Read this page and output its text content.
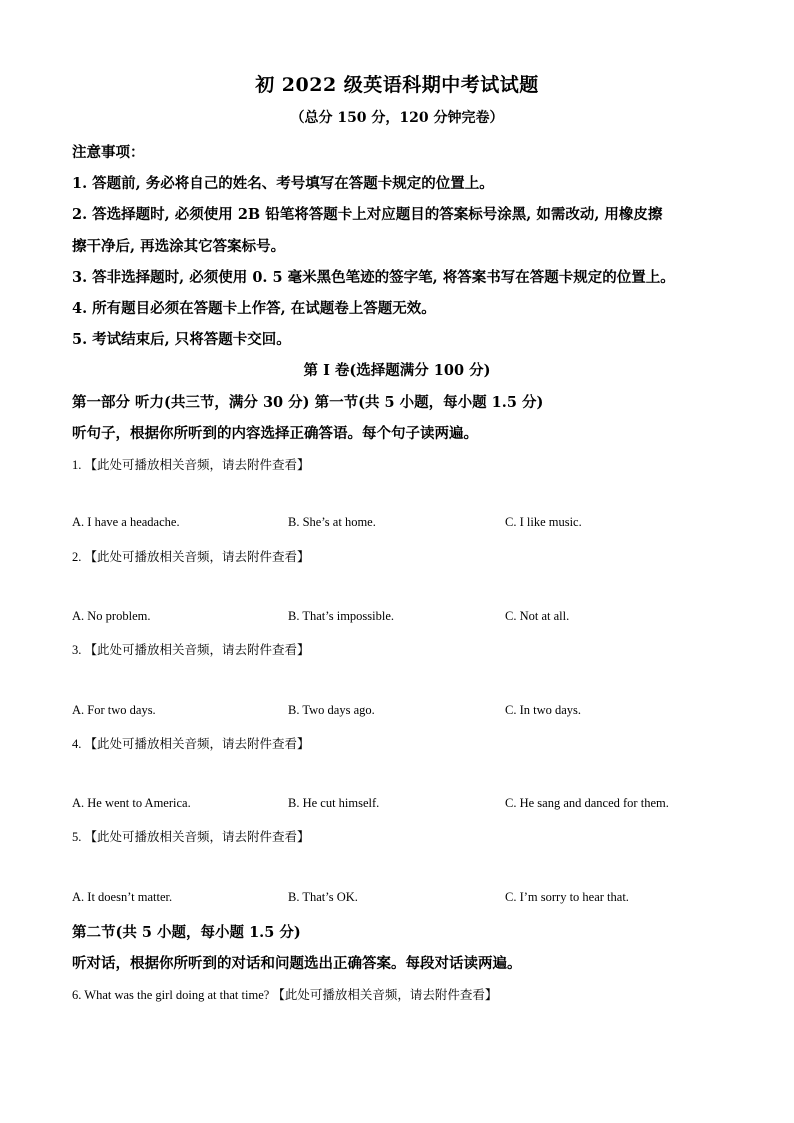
初 2022 级英语科期中考试试题
（总分 150 分，120 分钟完卷）
注意事项：
1. 答题前, 务必将自己的姓名、考号填写在答题卡规定的位置上。
2. 答选择题时, 必须使用 2B 铅笔将答题卡上对应题目的答案标号涂黑, 如需改动, 用橡皮擦
擦干净后, 再选涂其它答案标号。
3. 答非选择题时, 必须使用 0. 5 毫米黑色笔迹的签字笔, 将答案书写在答题卡规定的位置上。
4. 所有题目必须在答题卡上作答, 在试题卷上答题无效。
5. 考试结束后, 只将答题卡交回。
第 I 卷(选择题满分 100 分)
第一部分 听力(共三节，满分 30 分) 第一节(共 5 小题，每小题 1.5 分)
听句子，根据你所听到的内容选择正确答语。每个句子读两遍。
1. 【此处可播放相关音频，请去附件查看】
A. I have a headache.	B. She’s at home.	C. I like music.
2. 【此处可播放相关音频，请去附件查看】
A. No problem.	B. That’s impossible.	C. Not at all.
3. 【此处可播放相关音频，请去附件查看】
A. For two days.	B. Two days ago.	C. In two days.
4. 【此处可播放相关音频，请去附件查看】
A. He went to America.	B. He cut himself.	C. He sang and danced for them.
5. 【此处可播放相关音频，请去附件查看】
A. It doesn’t matter.	B. That’s OK.	C. I’m sorry to hear that.
第二节(共 5 小题，每小题 1.5 分)
听对话，根据你所听到的对话和问题选出正确答案。每段对话读两遍。
6. What was the girl doing at that time? 【此处可播放相关音频，请去附件查看】
